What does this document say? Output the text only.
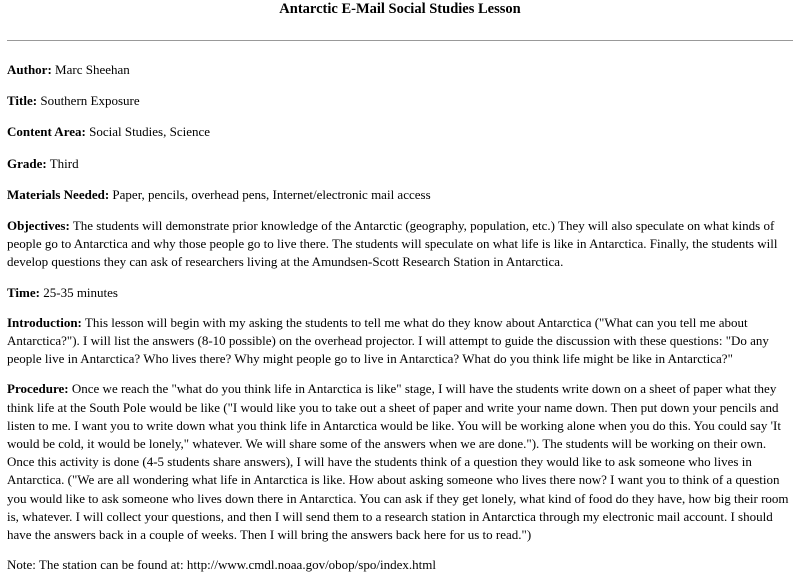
Antarctic E-Mail Social Studies Lesson

Author: Marc Sheehan

Title: Southern Exposure

Content Area: Social Studies, Science

Grade: Third

Materials Needed: Paper, pencils, overhead pens, Internet/electronic mail access

Objectives: The students will demonstrate prior knowledge of the Antarctic (geography, population, etc.) They will also speculate on what kinds of people go to Antarctica and why those people go to live there. The students will speculate on what life is like in Antarctica. Finally, the students will develop questions they can ask of researchers living at the Amundsen-Scott Research Station in Antarctica.

Time: 25-35 minutes

Introduction: This lesson will begin with my asking the students to tell me what do they know about Antarctica ("What can you tell me about Antarctica?"). I will list the answers (8-10 possible) on the overhead projector. I will attempt to guide the discussion with these questions: "Do any people live in Antarctica? Who lives there? Why might people go to live in Antarctica? What do you think life might be like in Antarctica?"

Procedure: Once we reach the "what do you think life in Antarctica is like" stage, I will have the students write down on a sheet of paper what they think life at the South Pole would be like ("I would like you to take out a sheet of paper and write your name down. Then put down your pencils and listen to me. I want you to write down what you think life in Antarctica would be like. You will be working alone when you do this. You could say 'It would be cold, it would be lonely," whatever. We will share some of the answers when we are done."). The students will be working on their own. Once this activity is done (4-5 students share answers), I will have the students think of a question they would like to ask someone who lives in Antarctica. ("We are all wondering what life in Antarctica is like. How about asking someone who lives there now? I want you to think of a question you would like to ask someone who lives down there in Antarctica. You can ask if they get lonely, what kind of food do they have, how big their room is, whatever. I will collect your questions, and then I will send them to a research station in Antarctica through my electronic mail account. I should have the answers back in a couple of weeks. Then I will bring the answers back here for us to read.")

Note: The station can be found at: http://www.cmdl.noaa.gov/obop/spo/index.html
